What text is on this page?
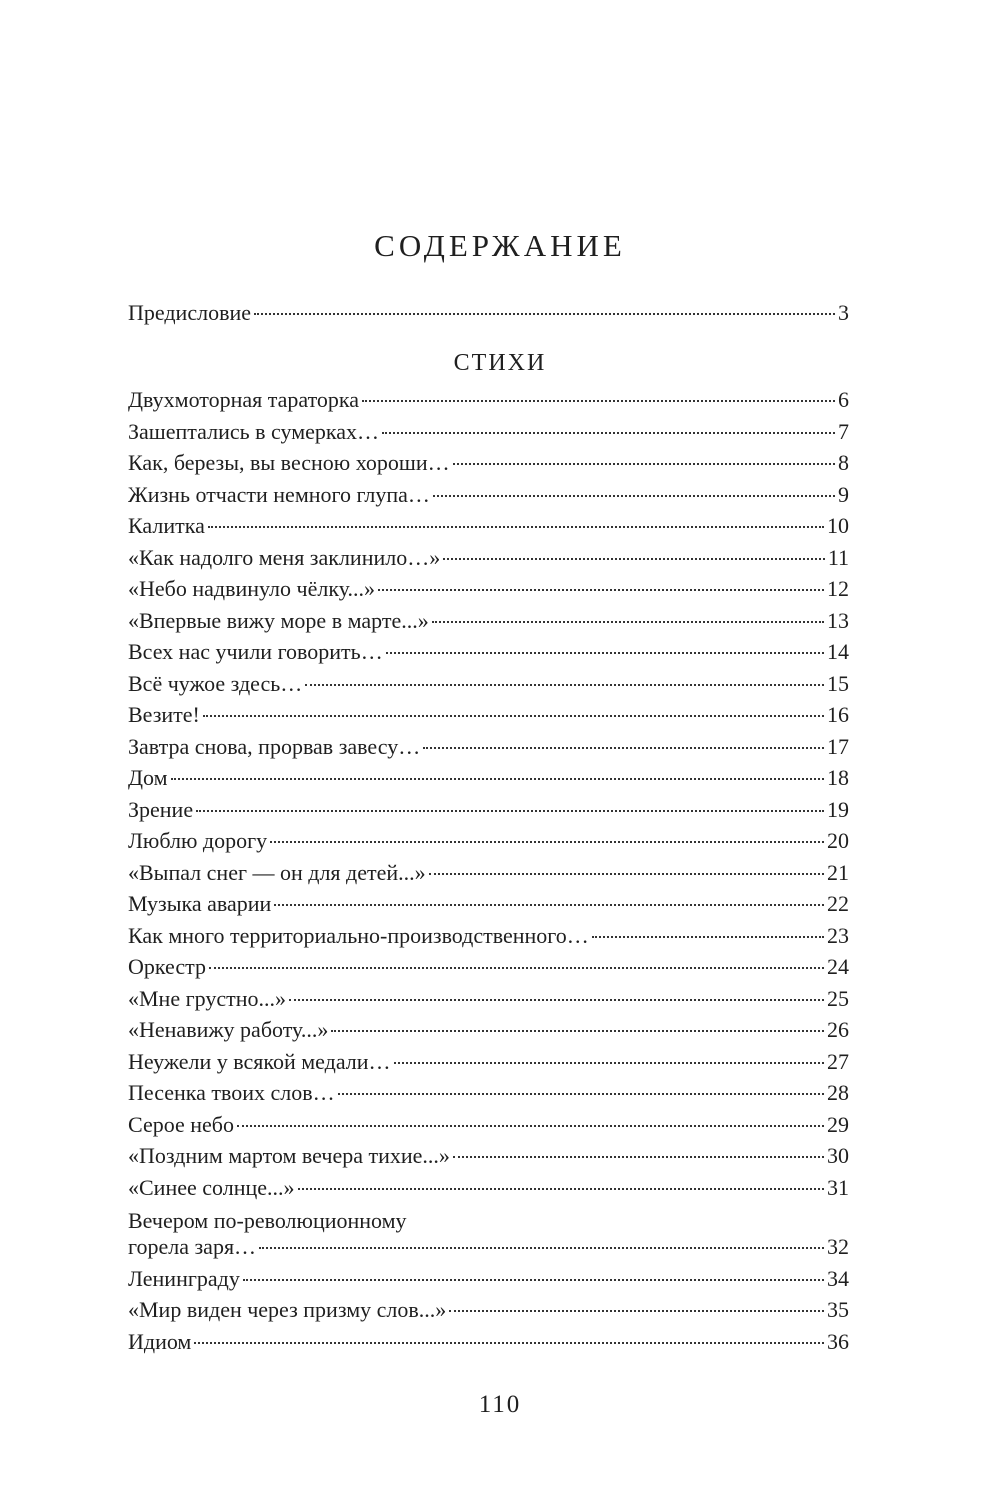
СОДЕРЖАНИЕ
Предисловие	3
СТИХИ
Двухмоторная тараторка	6
Зашептались в сумерках…	7
Как, березы, вы весною хороши…	8
Жизнь отчасти немного глупа…	9
Калитка	10
«Как надолго меня заклинило…»	11
«Небо надвинуло чёлку...»	12
«Впервые вижу море в марте...»	13
Всех нас учили говорить…	14
Всё чужое здесь…	15
Везите!	16
Завтра снова, прорвав завесу…	17
Дом	18
Зрение	19
Люблю дорогу	20
«Выпал снег — он для детей...»	21
Музыка аварии	22
Как много территориально-производственного…	23
Оркестр	24
«Мне грустно...»	25
«Ненавижу работу...»	26
Неужели у всякой медали…	27
Песенка твоих слов…	28
Серое небо	29
«Поздним мартом вечера тихие...»	30
«Синее солнце...»	31
Вечером по-революционному
горела заря…	32
Ленинграду	34
«Мир виден через призму слов...»	35
Идиом	36
110
